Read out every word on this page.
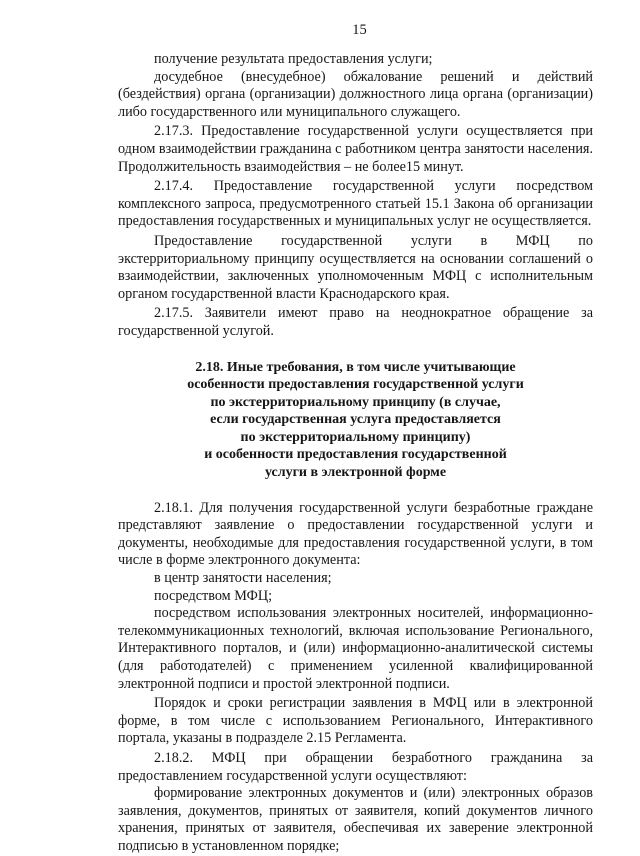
15

получение результата предоставления услуги;

досудебное (внесудебное) обжалование решений и действий (бездействия) органа (организации) должностного лица органа (организации) либо государственного или муниципального служащего.

2.17.3. Предоставление государственной услуги осуществляется при одном взаимодействии гражданина с работником центра занятости населения. Продолжительность взаимодействия – не более15 минут.

2.17.4. Предоставление государственной услуги посредством комплексного запроса, предусмотренного статьей 15.1 Закона об организации предоставления государственных и муниципальных услуг не осуществляется.

Предоставление государственной услуги в МФЦ по экстерриториальному принципу осуществляется на основании соглашений о взаимодействии, заключенных уполномоченным МФЦ с исполнительным органом государственной власти Краснодарского края.

2.17.5. Заявители имеют право на неоднократное обращение за государственной услугой.

2.18. Иные требования, в том числе учитывающие
особенности предоставления государственной услуги
по экстерриториальному принципу (в случае,
если государственная услуга предоставляется
по экстерриториальному принципу)
и особенности предоставления государственной
услуги в электронной форме

2.18.1. Для получения государственной услуги безработные граждане представляют заявление о предоставлении государственной услуги и документы, необходимые для предоставления государственной услуги, в том числе в форме электронного документа:

в центр занятости населения;

посредством МФЦ;

посредством использования электронных носителей, информационно-телекоммуникационных технологий, включая использование Регионального, Интерактивного порталов, и (или) информационно-аналитической системы (для работодателей) с применением усиленной квалифицированной электронной подписи и простой электронной подписи.

Порядок и сроки регистрации заявления в МФЦ или в электронной форме, в том числе с использованием Регионального, Интерактивного портала, указаны в подразделе 2.15 Регламента.

2.18.2. МФЦ при обращении безработного гражданина за предоставлением государственной услуги осуществляют:

формирование электронных документов и (или) электронных образов заявления, документов, принятых от заявителя, копий документов личного хранения, принятых от заявителя, обеспечивая их заверение электронной подписью в установленном порядке;
